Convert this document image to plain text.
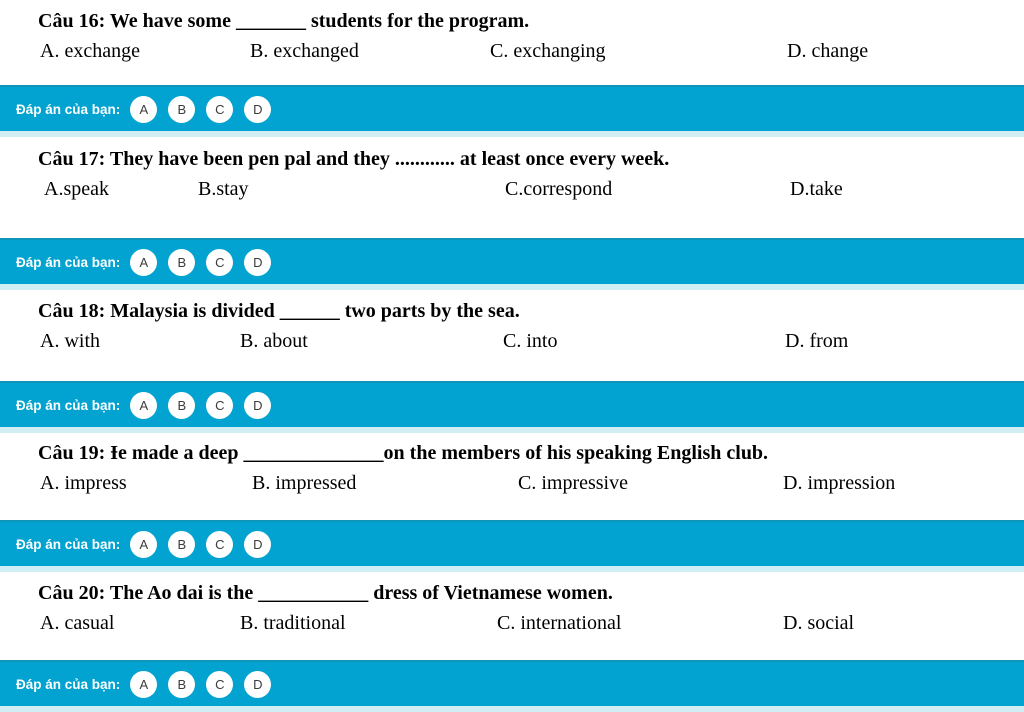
Câu 16: We have some _______ students for the program.
A. exchange	B. exchanged	C. exchanging	D. change
Đáp án của bạn:	A	B	C	D
Câu 17: They have been pen pal and they ............ at least once every week.
A.speak	B.stay	C.correspond	D.take
Đáp án của bạn:	A	B	C	D
Câu 18: Malaysia is divided ______ two parts by the sea.
A. with	B. about	C. into	D. from
Đáp án của bạn:	A	B	C	D
Câu 19: Ɨe made a deep ______________on the members of his speaking English club.
A. impress	B. impressed	C. impressive	D. impression
Đáp án của bạn:	A	B	C	D
Câu 20: The Ao dai is the ___________ dress of Vietnamese women.
A. casual	B. traditional	C. international	D. social
Đáp án của bạn:	A	B	C	D
